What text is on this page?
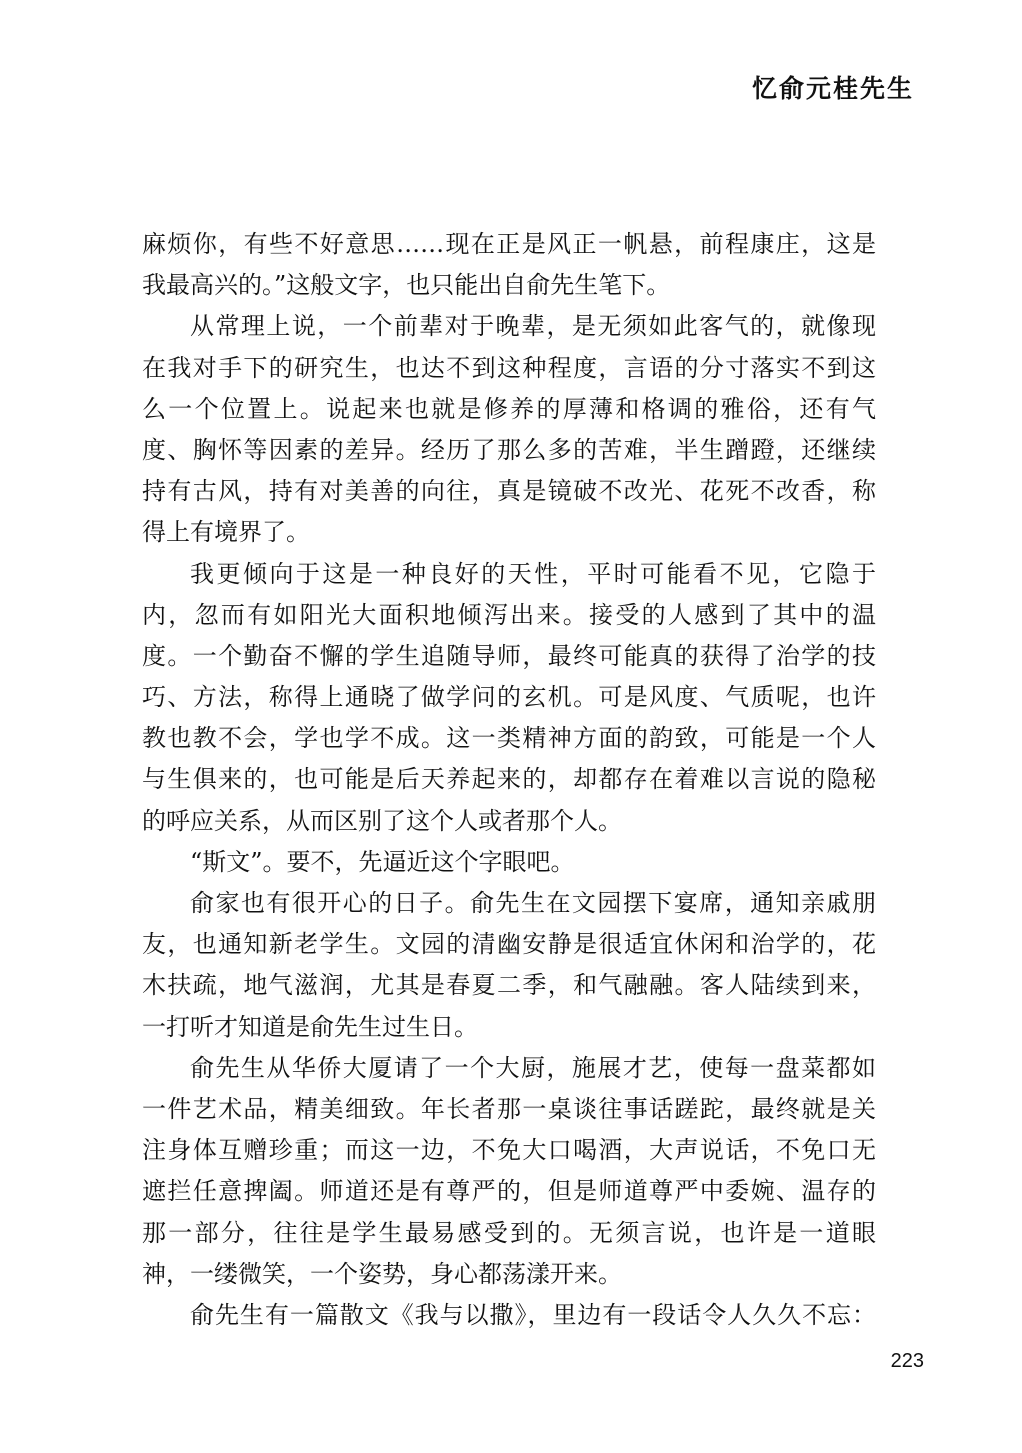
忆俞元桂先生
麻烦你，有些不好意思……现在正是风正一帆悬，前程康庄，这是
我最高兴的。”这般文字，也只能出自俞先生笔下。
从常理上说，一个前辈对于晚辈，是无须如此客气的，就像现
在我对手下的研究生，也达不到这种程度，言语的分寸落实不到这
么一个位置上。说起来也就是修养的厚薄和格调的雅俗，还有气
度、胸怀等因素的差异。经历了那么多的苦难，半生蹭蹬，还继续
持有古风，持有对美善的向往，真是镜破不改光、花死不改香，称
得上有境界了。
我更倾向于这是一种良好的天性，平时可能看不见，它隐于
内，忽而有如阳光大面积地倾泻出来。接受的人感到了其中的温
度。一个勤奋不懈的学生追随导师，最终可能真的获得了治学的技
巧、方法，称得上通晓了做学问的玄机。可是风度、气质呢，也许
教也教不会，学也学不成。这一类精神方面的韵致，可能是一个人
与生俱来的，也可能是后天养起来的，却都存在着难以言说的隐秘
的呼应关系，从而区别了这个人或者那个人。
“斯文”。要不，先逼近这个字眼吧。
俞家也有很开心的日子。俞先生在文园摆下宴席，通知亲戚朋
友，也通知新老学生。文园的清幽安静是很适宜休闲和治学的，花
木扶疏，地气滋润，尤其是春夏二季，和气融融。客人陆续到来，
一打听才知道是俞先生过生日。
俞先生从华侨大厦请了一个大厨，施展才艺，使每一盘菜都如
一件艺术品，精美细致。年长者那一桌谈往事话蹉跎，最终就是关
注身体互赠珍重；而这一边，不免大口喝酒，大声说话，不免口无
遮拦任意捭阖。师道还是有尊严的，但是师道尊严中委婉、温存的
那一部分，往往是学生最易感受到的。无须言说，也许是一道眼
神，一缕微笑，一个姿势，身心都荡漾开来。
俞先生有一篇散文《我与以撒》，里边有一段话令人久久不忘：
223
